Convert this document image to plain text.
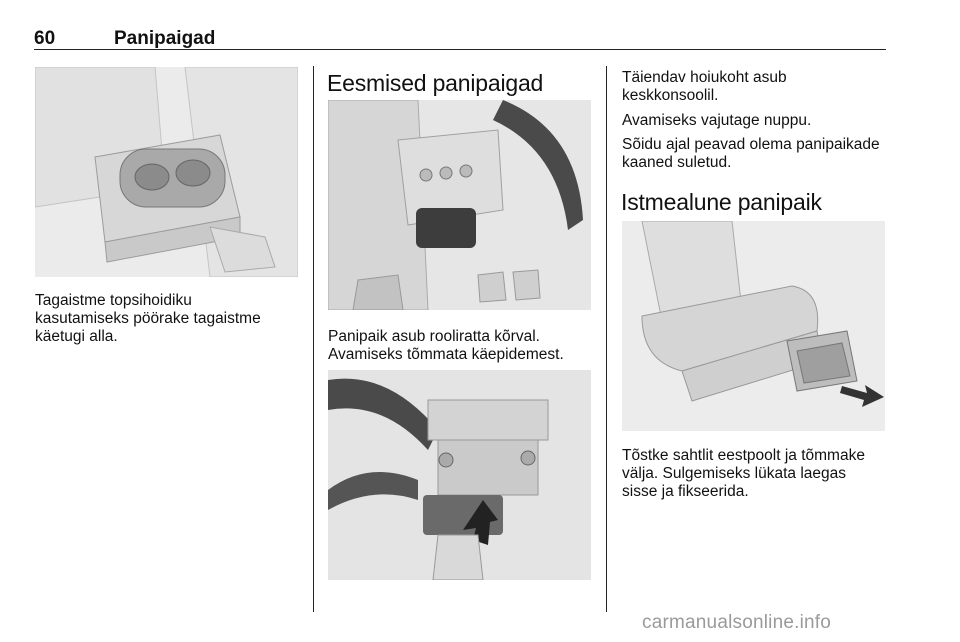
60	Panipaigad

Tagaistme topsihoidiku

kasutamiseks pöörake tagaistme

käetugi alla.

Eesmised panipaigad

Panipaik asub rooliratta kõrval.

Avamiseks tõmmata käepidemest.

Täiendav hoiukoht asub

keskkonsoolil.

Avamiseks vajutage nuppu.

Sõidu ajal peavad olema panipaikade

kaaned suletud.

Istmealune panipaik

Tõstke sahtlit eestpoolt ja tõmmake

välja. Sulgemiseks lükata laegas

sisse ja fikseerida.

carmanualsonline.info
